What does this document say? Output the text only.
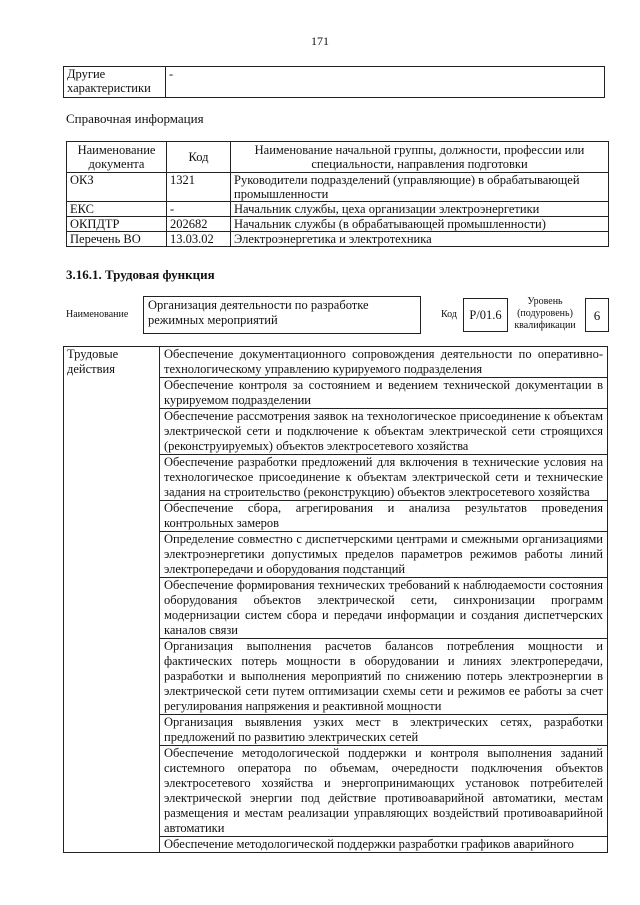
171
Другие
характеристики	-
Справочная информация
Наименование
документа	Код	Наименование начальной группы, должности, профессии или
специальности, направления подготовки
ОКЗ	1321	Руководители подразделений (управляющие) в обрабатывающей промышленности
ЕКС	-	Начальник службы, цеха организации электроэнергетики
ОКПДТР	202682	Начальник службы (в обрабатывающей промышленности)
Перечень ВО	13.03.02	Электроэнергетика и электротехника
3.16.1. Трудовая функция
Наименование
Организация деятельности по разработке режимных мероприятий	Код P/01.6
Уровень (подуровень) квалификации
6
Трудовые
действия	Обеспечение документационного сопровождения деятельности по оперативно-технологическому управлению курируемого подразделения
Обеспечение контроля за состоянием и ведением технической документации в курируемом подразделении
Обеспечение рассмотрения заявок на технологическое присоединение к объектам электрической сети и подключение к объектам электрической сети строящихся (реконструируемых) объектов электросетевого хозяйства
Обеспечение разработки предложений для включения в технические условия на технологическое присоединение к объектам электрической сети и технические задания на строительство (реконструкцию) объектов электросетевого хозяйства
Обеспечение сбора, агрегирования и анализа результатов проведения контрольных замеров
Определение совместно с диспетчерскими центрами и смежными организациями электроэнергетики допустимых пределов параметров режимов работы линий электропередачи и оборудования подстанций
Обеспечение формирования технических требований к наблюдаемости состояния оборудования объектов электрической сети, синхронизации программ модернизации систем сбора и передачи информации и создания диспетчерских каналов связи
Организация выполнения расчетов балансов потребления мощности и фактических потерь мощности в оборудовании и линиях электропередачи, разработки и выполнения мероприятий по снижению потерь электроэнергии в электрической сети путем оптимизации схемы сети и режимов ее работы за счет регулирования напряжения и реактивной мощности
Организация выявления узких мест в электрических сетях, разработки предложений по развитию электрических сетей
Обеспечение методологической поддержки и контроля выполнения заданий системного оператора по объемам, очередности подключения объектов электросетевого хозяйства и энергопринимающих установок потребителей электрической энергии под действие противоаварийной автоматики, местам размещения и местам реализации управляющих воздействий противоаварийной автоматики
Обеспечение методологической поддержки разработки графиков аварийного
